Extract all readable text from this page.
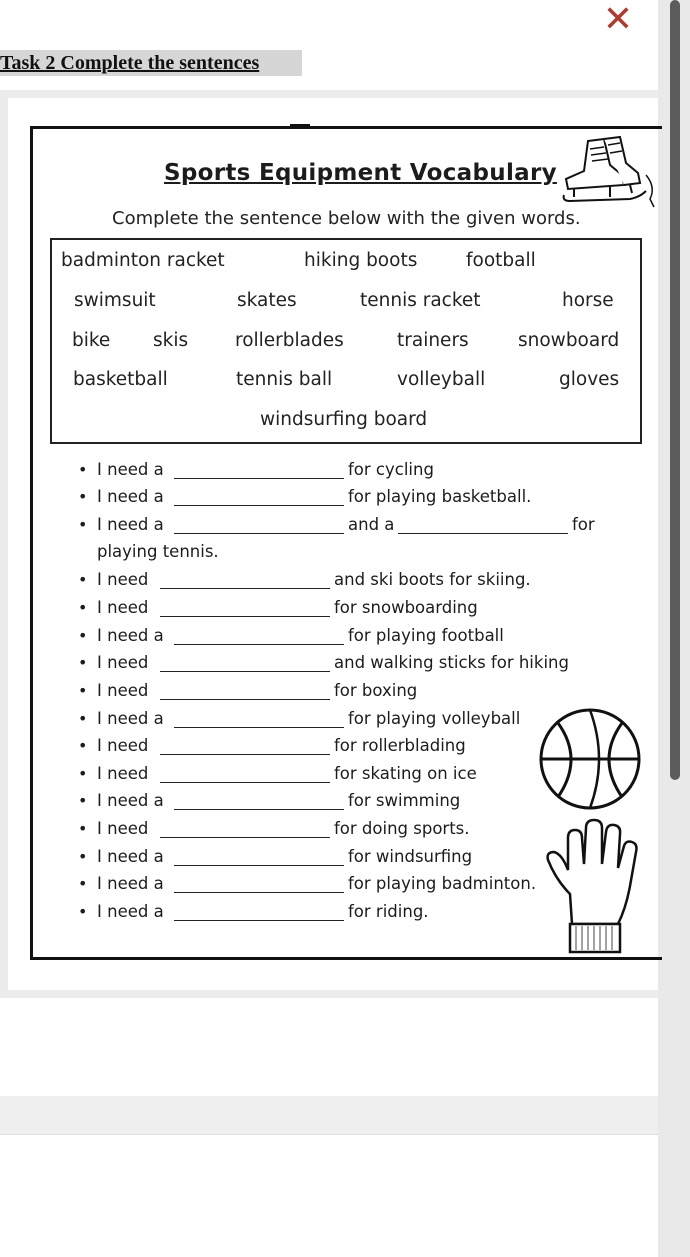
✕
Task 2 Complete the sentences
Sports Equipment Vocabulary
Complete the sentence below with the given words.
badminton racket	hiking boots	football
swimsuit	skates	tennis racket	horse
bike skis	rollerblades	trainers	snowboard
basketball	tennis ball	volleyball	gloves
windsurfing board
• I need a	for cycling
• I need a	for playing basketball.
• I need a	and a	for
playing tennis.
• I need	and ski boots for skiing.
• I need	for snowboarding
• I need a	for playing football
• I need	and walking sticks for hiking
• I need	for boxing
• I need a	for playing volleyball
• I need	for rollerblading
• I need	for skating on ice
• I need a	for swimming
• I need	for doing sports.
• I need a	for windsurfing
• I need a	for playing badminton.
• I need a	for riding.
